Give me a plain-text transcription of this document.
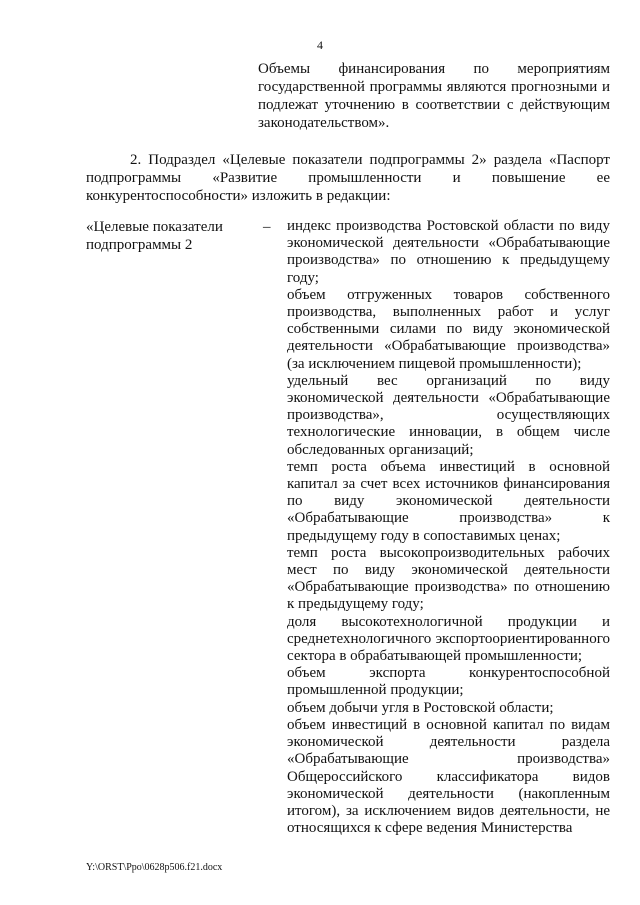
4
Объемы финансирования по мероприятиям государственной программы являются прогнозными и подлежат уточнению в соответствии с действующим законодательством».
2. Подраздел «Целевые показатели подпрограммы 2» раздела «Паспорт подпрограммы «Развитие промышленности и повышение ее конкурентоспособности» изложить в редакции:
«Целевые показатели подпрограммы 2
–	индекс производства Ростовской области по виду экономической деятельности «Обрабатывающие производства» по отношению к предыдущему году;
объем отгруженных товаров собственного производства, выполненных работ и услуг собственными силами по виду экономической деятельности «Обрабатывающие производства» (за исключением пищевой промышленности);
удельный вес организаций по виду экономической деятельности «Обрабатывающие производства», осуществляющих технологические инновации, в общем числе обследованных организаций;
темп роста объема инвестиций в основной капитал за счет всех источников финансирования по виду экономической деятельности «Обрабатывающие производства» к предыдущему году в сопоставимых ценах;
темп роста высокопроизводительных рабочих мест по виду экономической деятельности «Обрабатывающие производства» по отношению к предыдущему году;
доля высокотехнологичной продукции и среднетехнологичного экспортоориентированного сектора в обрабатывающей промышленности;
объем экспорта конкурентоспособной промышленной продукции;
объем добычи угля в Ростовской области;
объем инвестиций в основной капитал по видам экономической деятельности раздела «Обрабатывающие производства» Общероссийского классификатора видов экономической деятельности (накопленным итогом), за исключением видов деятельности, не относящихся к сфере ведения Министерства
Y:\ORST\Ppo\0628p506.f21.docx
